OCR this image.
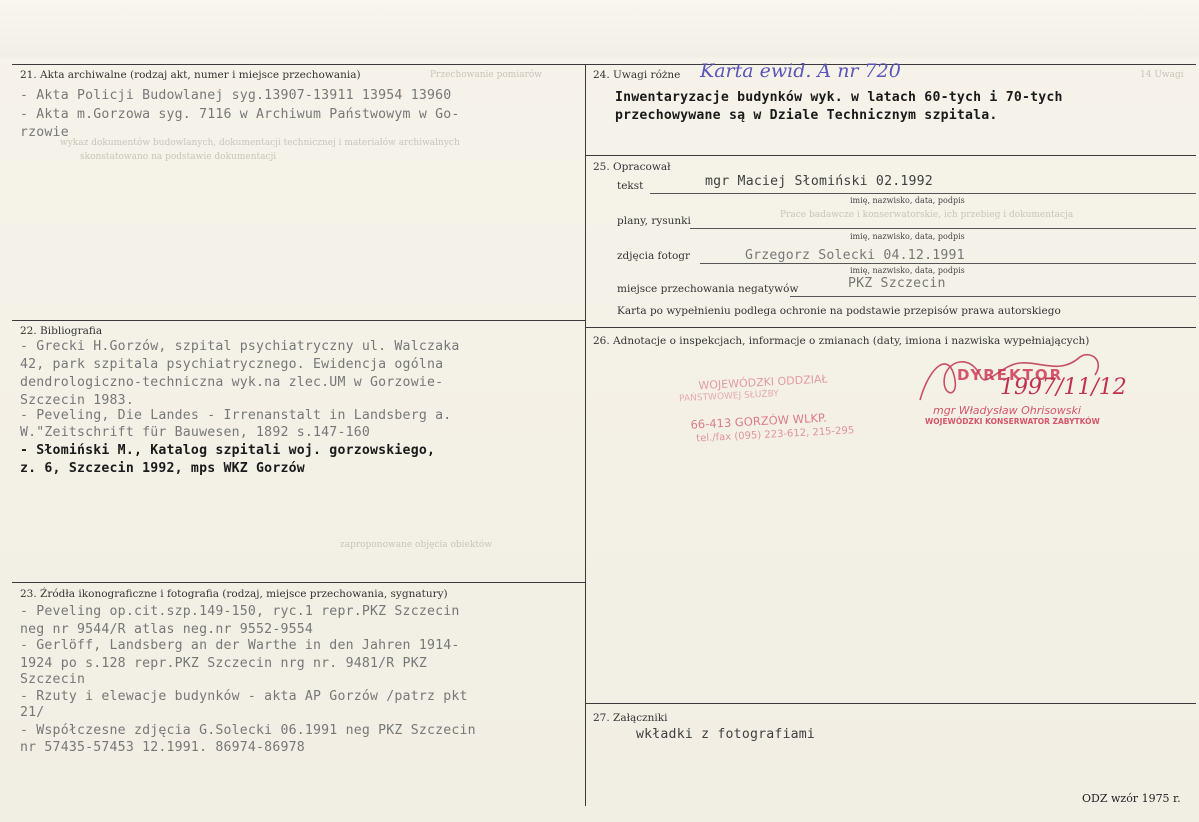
Przechowanie pomiarów
wykaz dokumentów budowlanych, dokumentacji technicznej i materiałów archiwalnych
skonstatowano na podstawie dokumentacji
zaproponowane objęcia obiektów
Prace badawcze i konserwatorskie, ich przebieg i dokumentacja
14 Uwagi
21. Akta archiwalne (rodzaj akt, numer i miejsce przechowania)
- Akta Policji Budowlanej syg.13907-13911 13954 13960
- Akta m.Gorzowa syg. 7116 w Archiwum Państwowym w Go-
rzowie
22. Bibliografia
- Grecki H.Gorzów, szpital psychiatryczny ul. Walczaka
42, park szpitala psychiatrycznego. Ewidencja ogólna
dendrologiczno-techniczna wyk.na zlec.UM w Gorzowie-
Szczecin 1983.
- Peveling, Die Landes - Irrenanstalt in Landsberg a.
W."Zeitschrift für Bauwesen, 1892 s.147-160
- Słomiński M., Katalog szpitali woj. gorzowskiego,
z. 6, Szczecin 1992, mps WKZ Gorzów
23. Źródła ikonograficzne i fotografia (rodzaj, miejsce przechowania, sygnatury)
- Peveling op.cit.szp.149-150, ryc.1 repr.PKZ Szczecin
neg nr 9544/R atlas neg.nr 9552-9554
- Gerlöff, Landsberg an der Warthe in den Jahren 1914-
1924 po s.128 repr.PKZ Szczecin nrg nr. 9481/R PKZ
Szczecin
- Rzuty i elewacje budynków - akta AP Gorzów /patrz pkt
21/
- Współczesne zdjęcia G.Solecki 06.1991 neg PKZ Szczecin
nr 57435-57453 12.1991. 86974-86978
24. Uwagi różne Karta ewid. A nr 720
Inwentaryzacje budynków wyk. w latach 60-tych i 70-tych
przechowywane są w Dziale Technicznym szpitala.
25. Opracował
tekst	mgr Maciej Słomiński 02.1992
imię, nazwisko, data, podpis
plany, rysunki
imię, nazwisko, data, podpis
zdjęcia fotogr	Grzegorz Solecki 04.12.1991
imię, nazwisko, data, podpis
miejsce przechowania negatywów	PKZ Szczecin
Karta po wypełnieniu podlega ochronie na podstawie przepisów prawa autorskiego
26. Adnotacje o inspekcjach, informacje o zmianach (daty, imiona i nazwiska wypełniających)
WOJEWÓDZKI ODDZIAŁ
PAŃSTWOWEJ SŁUŻBY
66-413 GORZÓW WLKP.
tel./fax (095) 223-612, 215-295
DYREKTOR
mgr Władysław Ohrisowski
WOJEWÓDZKI KONSERWATOR ZABYTKÓW
1997/11/12
27. Załączniki
wkładki z fotografiami
ODZ wzór 1975 r.
